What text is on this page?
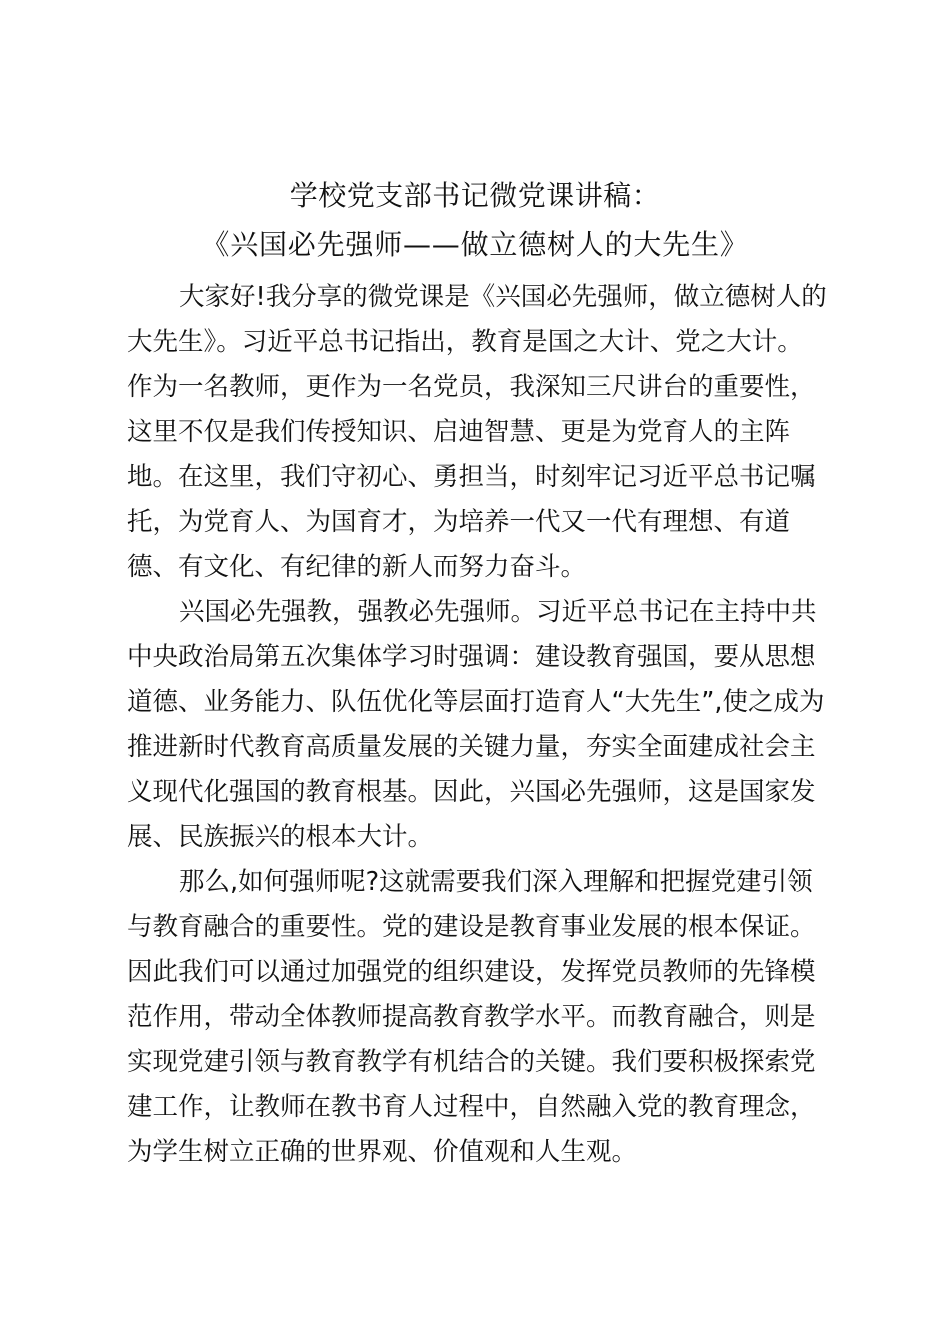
学校党支部书记微党课讲稿：
《兴国必先强师——做立德树人的大先生》
大家好!我分享的微党课是《兴国必先强师，做立德树人的
大先生》。习近平总书记指出，教育是国之大计、党之大计。
作为一名教师，更作为一名党员，我深知三尺讲台的重要性，
这里不仅是我们传授知识、启迪智慧、更是为党育人的主阵
地。在这里，我们守初心、勇担当，时刻牢记习近平总书记嘱
托，为党育人、为国育才，为培养一代又一代有理想、有道
德、有文化、有纪律的新人而努力奋斗。
兴国必先强教，强教必先强师。习近平总书记在主持中共
中央政治局第五次集体学习时强调：建设教育强国，要从思想
道德、业务能力、队伍优化等层面打造育人“大先生”,使之成为
推进新时代教育高质量发展的关键力量，夯实全面建成社会主
义现代化强国的教育根基。因此，兴国必先强师，这是国家发
展、民族振兴的根本大计。
那么,如何强师呢?这就需要我们深入理解和把握党建引领
与教育融合的重要性。党的建设是教育事业发展的根本保证。
因此我们可以通过加强党的组织建设，发挥党员教师的先锋模
范作用，带动全体教师提高教育教学水平。而教育融合，则是
实现党建引领与教育教学有机结合的关键。我们要积极探索党
建工作，让教师在教书育人过程中，自然融入党的教育理念，
为学生树立正确的世界观、价值观和人生观。
